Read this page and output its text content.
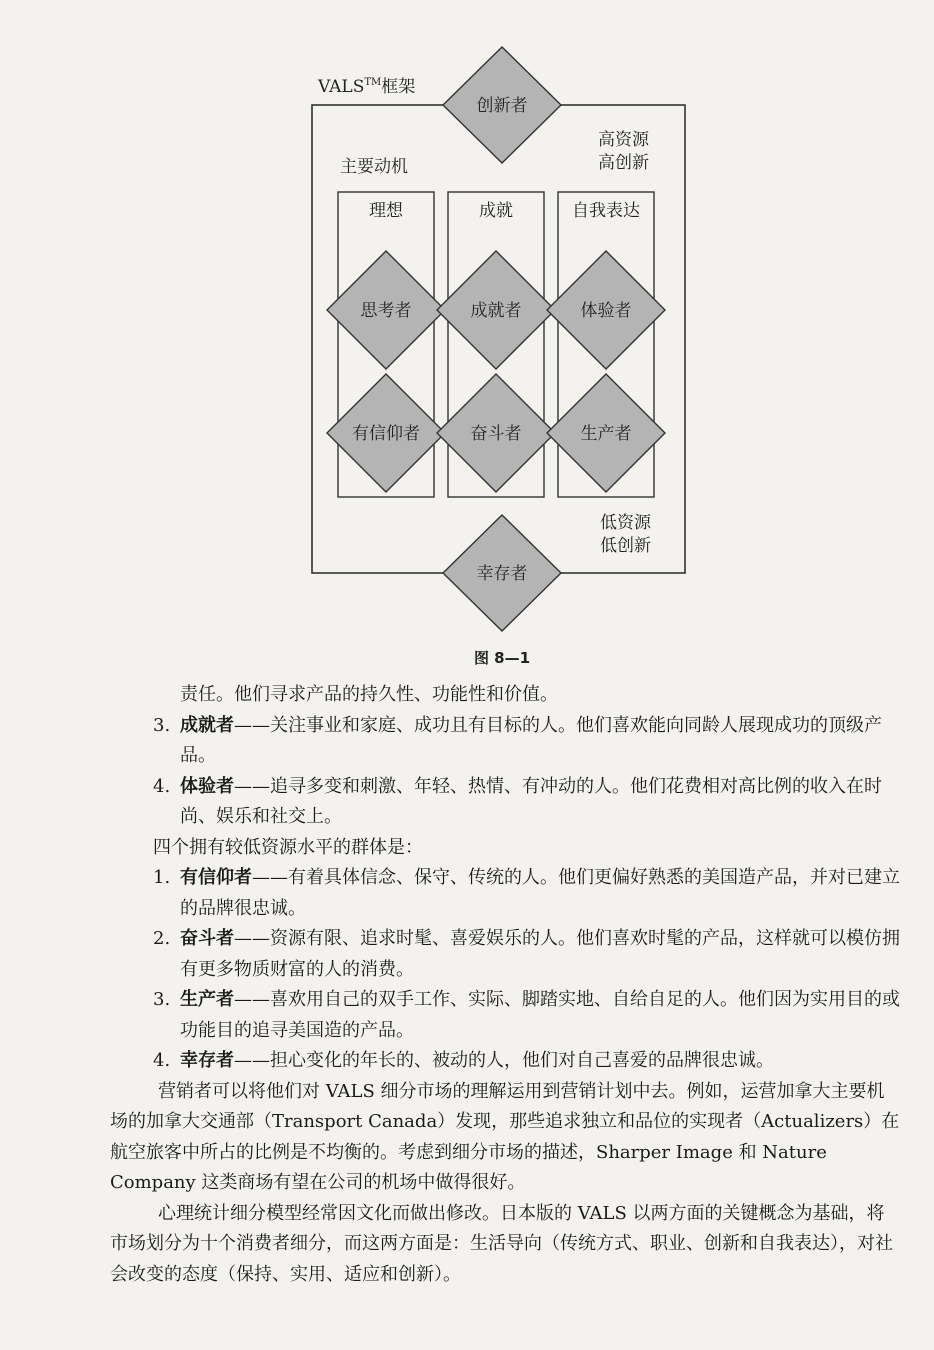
VALS™框架
主要动机
高资源
高创新
低资源
低创新
理想	成就	自我表达
创新者
思考者	成就者	体验者
有信仰者	奋斗者	生产者
幸存者
图 8—1

责任。他们寻求产品的持久性、功能性和价值。

3. 成就者——关注事业和家庭、成功且有目标的人。他们喜欢能向同龄人展现成功的顶级产品。

4. 体验者——追寻多变和刺激、年轻、热情、有冲动的人。他们花费相对高比例的收入在时尚、娱乐和社交上。

四个拥有较低资源水平的群体是：

1. 有信仰者——有着具体信念、保守、传统的人。他们更偏好熟悉的美国造产品，并对已建立的品牌很忠诚。

2. 奋斗者——资源有限、追求时髦、喜爱娱乐的人。他们喜欢时髦的产品，这样就可以模仿拥有更多物质财富的人的消费。

3. 生产者——喜欢用自己的双手工作、实际、脚踏实地、自给自足的人。他们因为实用目的或功能目的追寻美国造的产品。

4. 幸存者——担心变化的年长的、被动的人，他们对自己喜爱的品牌很忠诚。

营销者可以将他们对 VALS 细分市场的理解运用到营销计划中去。例如，运营加拿大主要机场的加拿大交通部（Transport Canada）发现，那些追求独立和品位的实现者（Actualizers）在航空旅客中所占的比例是不均衡的。考虑到细分市场的描述，Sharper Image 和 Nature Company 这类商场有望在公司的机场中做得很好。

心理统计细分模型经常因文化而做出修改。日本版的 VALS 以两方面的关键概念为基础，将市场划分为十个消费者细分，而这两方面是：生活导向（传统方式、职业、创新和自我表达），对社会改变的态度（保持、实用、适应和创新）。
